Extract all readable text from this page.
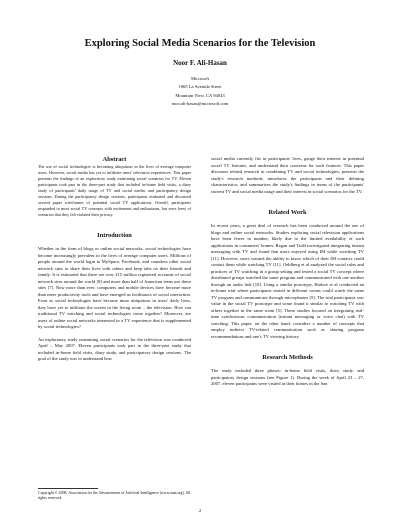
Exploring Social Media Scenarios for the Television
Noor F. Ali-Hasan
Microsoft
1065 La Avenida Street
Mountain View, CA 94043
noor.ali-hasan@microsoft.com
Abstract

The use of social technologies is becoming ubiquitous in the lives of average computer users. However, social media has yet to infiltrate users' television experiences. This paper presents the findings of an exploratory study examining social scenarios for TV. Eleven participants took part in the three-part study that included in-home field visits, a diary study of participants' daily usage of TV and social media, and participatory design sessions. During the participatory design sessions, participants evaluated and discussed several paper wireframes of potential social TV applications. Overall, participants responded to most social TV concepts with excitement and enthusiasm, but were leery of scenarios that they felt violated their privacy.

Introduction

Whether in the form of blogs or online social networks, social technologies have become increasingly prevalent in the lives of average computer users. Millions of people around the world login to MySpace, Facebook, and countless other social network sites to share their lives with others and keep tabs on their friends and family. It is estimated that there are over 215 million registered accounts of social network sites around the world [8] and more than half of American teens use these sites [7]. Now more than ever, computers and mobile devices have become more than mere productivity tools and have emerged as facilitators of social interaction. Even as social technologies have become more ubiquitous in users' daily lives, they have yet to infiltrate the screen in the living room – the television. How can traditional TV watching and social technologies come together? Moreover, are users of online social networks interested in a TV experience that is supplemented by social technologies?

An exploratory study examining social scenarios for the television was conducted April – May 2007. Eleven participants took part in the three-part study that included in-home field visits, diary study, and participatory design sessions. The goal of the study was to understand how

social media currently fits in participants' lives, gauge their interest in potential social TV features, and understand their concerns for such features. This paper discusses related research in combining TV and social technologies, presents the study's research methods, introduces the participants and their defining characteristics, and summarizes the study's findings in terms of the participants' current TV and social media usage and their interest in social scenarios for the TV.

Related Work

In recent years, a great deal of research has been conducted around the use of blogs and online social networks. Studies exploring social television applications have been fewer in number, likely due to the limited availability of such applications in consumers' homes. Regan and Todd investigated integrating instant messaging with TV and found that users enjoyed using IM while watching TV [11]. However, users wanted the ability to know which of their IM contacts could contact them while watching TV [11]. Oehlberg et al analyzed the social rules and practices of TV watching in a group setting and tested a social TV concept where distributed groups watched the same program and communicated with one another through an audio link [10]. Using a similar prototype, Harboe et al conducted an in-home trial where participants seated in different rooms could watch the same TV program and communicate through microphones [5]. The trial participants saw value in the social TV prototype and some found it similar to watching TV with others together in the same room [5]. These studies focused on integrating real-time synchronous communication (instant messaging or voice chat) with TV watching. This paper, on the other hand, considers a number of concepts that employ indirect TV-related communication such as sharing program recommendations and one's TV viewing history.

Research Methods

The study included three phases: in-home field visits, diary study, and participatory design sessions (see Figure 1). During the week of April 23 – 27, 2007, eleven participants were visited in their homes in the San

Copyright © 2008, Association for the Advancement of Artificial Intelligence (www.aaai.org). All rights reserved.
2
